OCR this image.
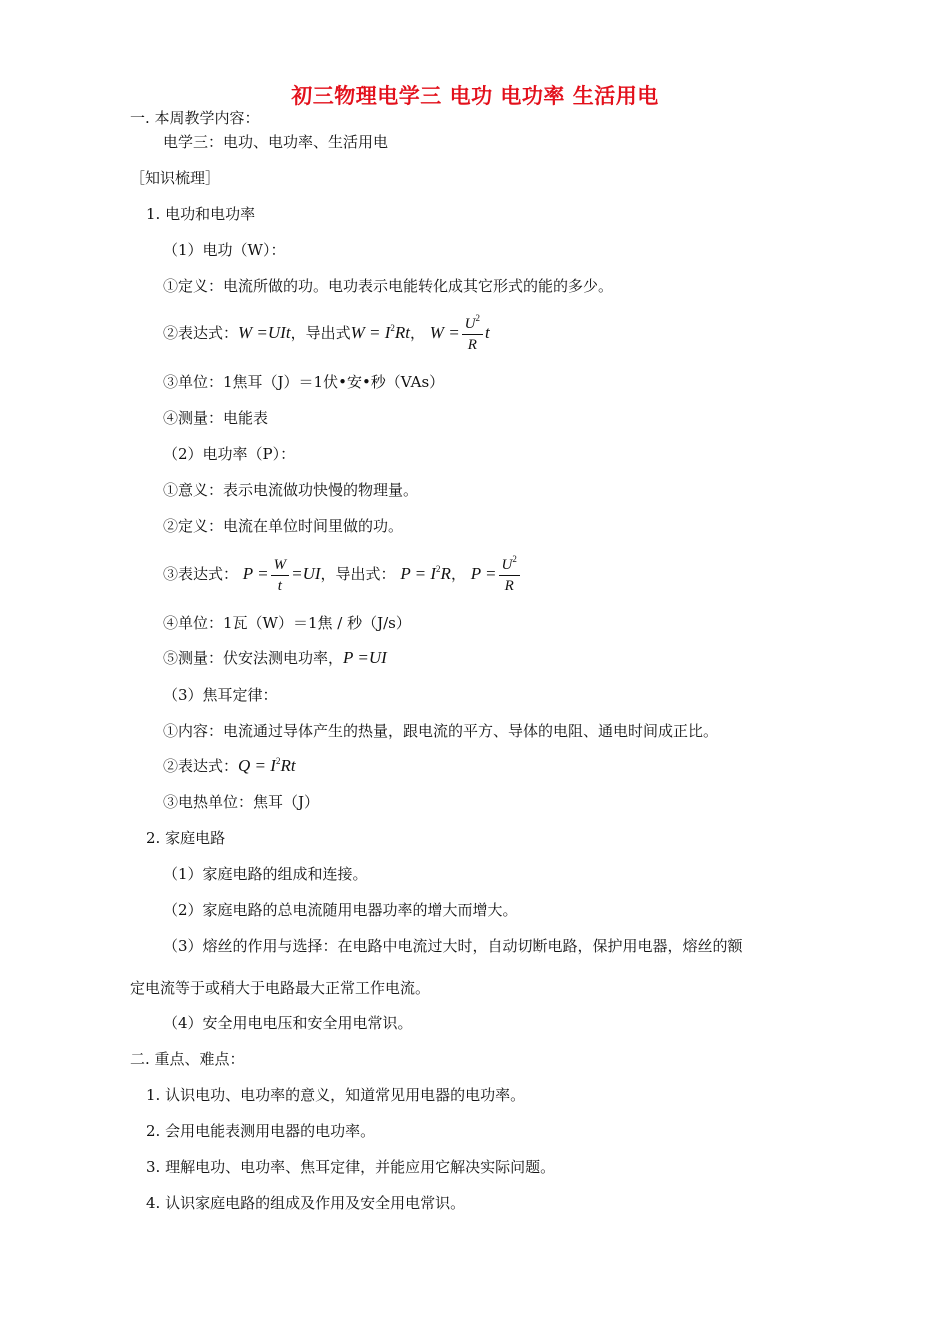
初三物理电学三 电功 电功率 生活用电
一. 本周教学内容：
电学三：电功、电功率、生活用电
［知识梳理］
1. 电功和电功率
（1）电功（W）：
①定义：电流所做的功。电功表示电能转化成其它形式的能的多少。
②表达式：W =UIt，导出式$W = I^2Rt$， $W = \frac{U^2}{R}$ t
③单位：1焦耳（J）＝1伏•安•秒（VAs）
④测量：电能表
（2）电功率（P）：
①意义：表示电流做功快慢的物理量。
②定义：电流在单位时间里做的功。
③表达式： $P = \frac{W}{t} =UI$，导出式： $P = I^2R$， $P = \frac{U^2}{R}$
④单位：1瓦（W）＝1焦 / 秒（J/s）
⑤测量：伏安法测电功率，P =UI
（3）焦耳定律：
①内容：电流通过导体产生的热量，跟电流的平方、导体的电阻、通电时间成正比。
②表达式：$Q = I^2Rt$
③电热单位：焦耳（J）
2. 家庭电路
（1）家庭电路的组成和连接。
（2）家庭电路的总电流随用电器功率的增大而增大。
（3）熔丝的作用与选择：在电路中电流过大时，自动切断电路，保护用电器，熔丝的额
定电流等于或稍大于电路最大正常工作电流。
（4）安全用电电压和安全用电常识。
二. 重点、难点：
1. 认识电功、电功率的意义，知道常见用电器的电功率。
2. 会用电能表测用电器的电功率。
3. 理解电功、电功率、焦耳定律，并能应用它解决实际问题。
4. 认识家庭电路的组成及作用及安全用电常识。
